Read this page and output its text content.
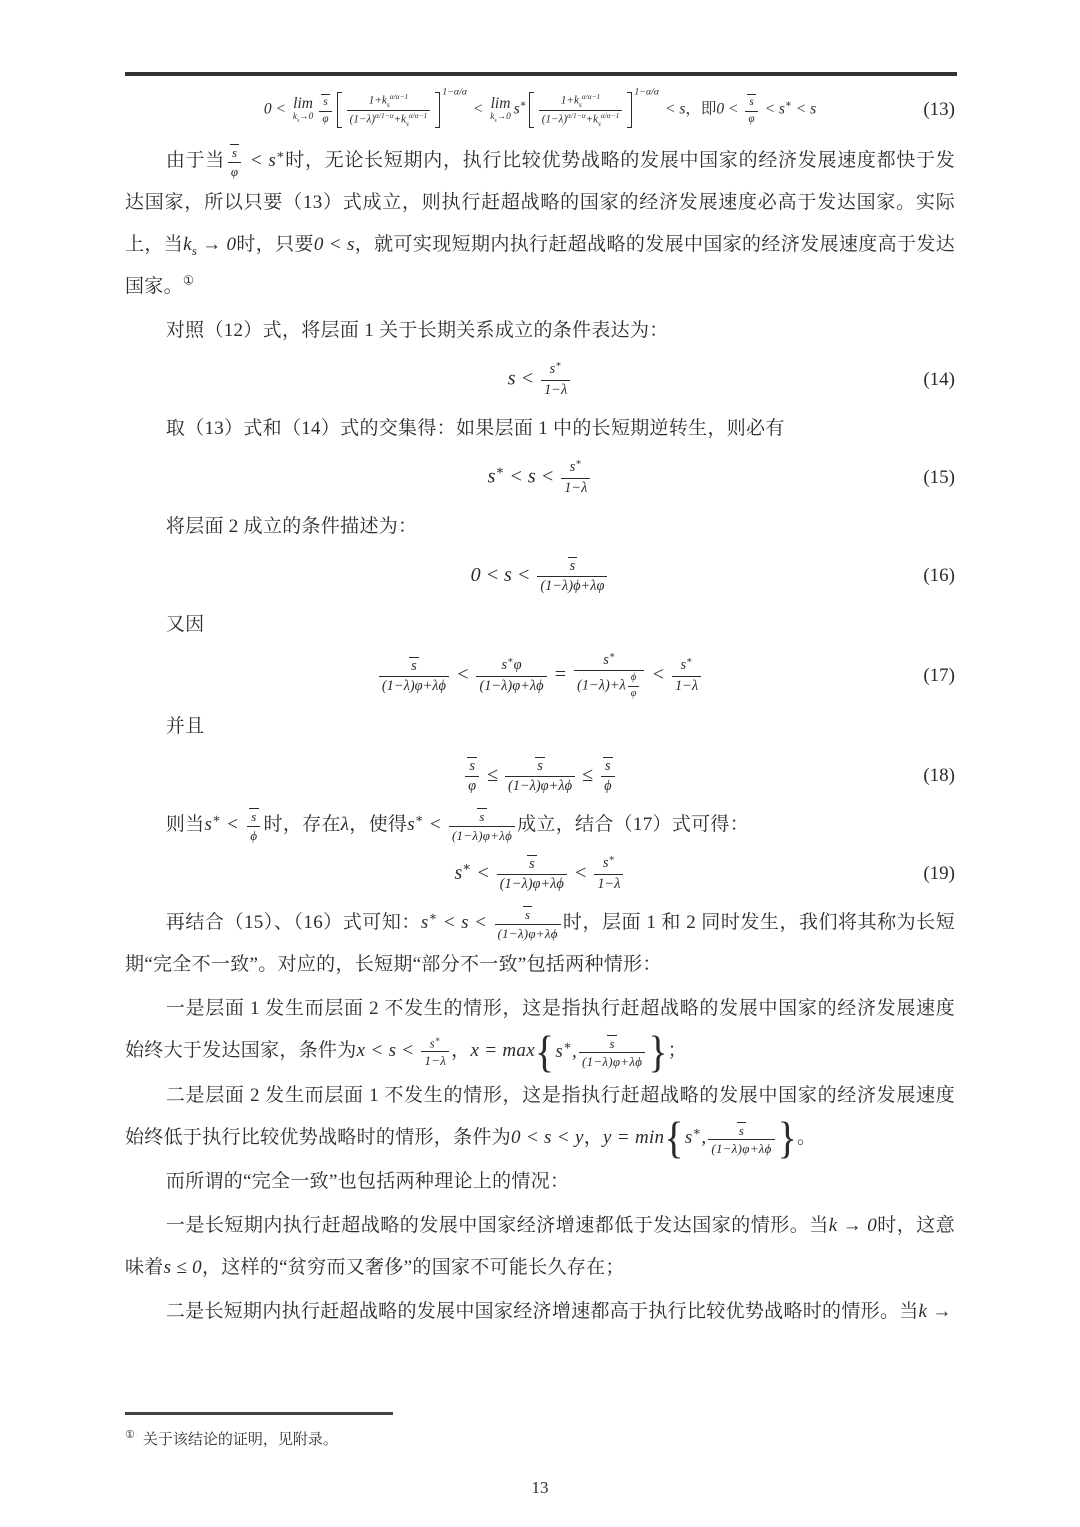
0 < lim
$k_s\to 0 \frac{s}{\varphi} \frac{1+k_s^{\alpha/\alpha-1}}{(1-\lambda)^{\alpha/1-\alpha}+k_s^{\alpha/\alpha-1}}$
1−α/α
< lim
$k_s\to 0$ $s^∗ \frac{1+k_s^{\alpha/\alpha-1}}{(1-\lambda)^{\alpha/1-\alpha}+k_s^{\alpha/\alpha-1}}$
1−α/α
< s，即$0 < \frac{s}{\varphi} < s^∗ < s$	(13)

由于当 $\frac{s}{\varphi} < s^∗$时，无论长短期内，执行比较优势战略的发展中国家的经济发展速度都快于发达国家，所以只要（13）式成立，则执行赶超战略的国家的经济发展速度必高于发达国家。实际上，当$k_s \to 0$时，只要0 < s，就可实现短期内执行赶超战略的发展中国家的经济发展速度高于发达国家。①

对照（12）式，将层面 1 关于长期关系成立的条件表达为：

$s < \frac{s^∗}{1-\lambda}$	(14)

取（13）式和（14）式的交集得：如果层面 1 中的长短期逆转生，则必有

$s^∗ < s < \frac{s^∗}{1-\lambda}$	(15)

将层面 2 成立的条件描述为：

$0 < s < \frac{s}{(1-\lambda)\phi+\lambda\varphi}$	(16)

又因

$\frac{s}{(1-\lambda)\varphi+\lambda\phi} < \frac{s^∗\varphi}{(1-\lambda)\varphi+\lambda\phi} = \frac{s^∗}{(1-\lambda)+\lambda \frac{\phi}{\varphi}} < \frac{s^∗}{1-\lambda}$	(17)

并且

$\frac{s}{\varphi} \le \frac{s}{(1-\lambda)\varphi+\lambda\phi} \le \frac{s}{\phi}$	(18)

则当$s^∗ < \frac{s}{\phi}$ 时，存在λ，使得$s^∗ < \frac{s}{(1-\lambda)\varphi+\lambda\phi}$ 成立，结合（17）式可得：

$s^∗ < \frac{s}{(1-\lambda)\varphi+\lambda\phi} < \frac{s^∗}{1-\lambda}$	(19)

再结合（15）、（16）式可知：$s^∗ < s < \frac{s}{(1-\lambda)\varphi+\lambda\phi}$ 时，层面 1 和 2 同时发生，我们将其称为长短期“完全不一致”。对应的，长短期“部分不一致”包括两种情形：

一是层面 1 发生而层面 2 不发生的情形，这是指执行赶超战略的发展中国家的经济发展速度始终大于发达国家，条件为$x < s < \frac{s^∗}{1-\lambda}$ ，x = max { s∗, $\frac{s}{(1-\lambda)\varphi+\lambda\phi}$ } ；

二是层面 2 发生而层面 1 不发生的情形，这是指执行赶超战略的发展中国家的经济发展速度始终低于执行比较优势战略时的情形，条件为0 < s < y，y = min { s∗, $\frac{s}{(1-\lambda)\varphi+\lambda\phi}$ } 。

而所谓的“完全一致”也包括两种理论上的情况：

一是长短期内执行赶超战略的发展中国家经济增速都低于发达国家的情形。当k → 0时，这意味着s ≤ 0，这样的“贫穷而又奢侈”的国家不可能长久存在；

二是长短期内执行赶超战略的发展中国家经济增速都高于执行比较优势战略时的情形。当k →

① 关于该结论的证明，见附录。
13
